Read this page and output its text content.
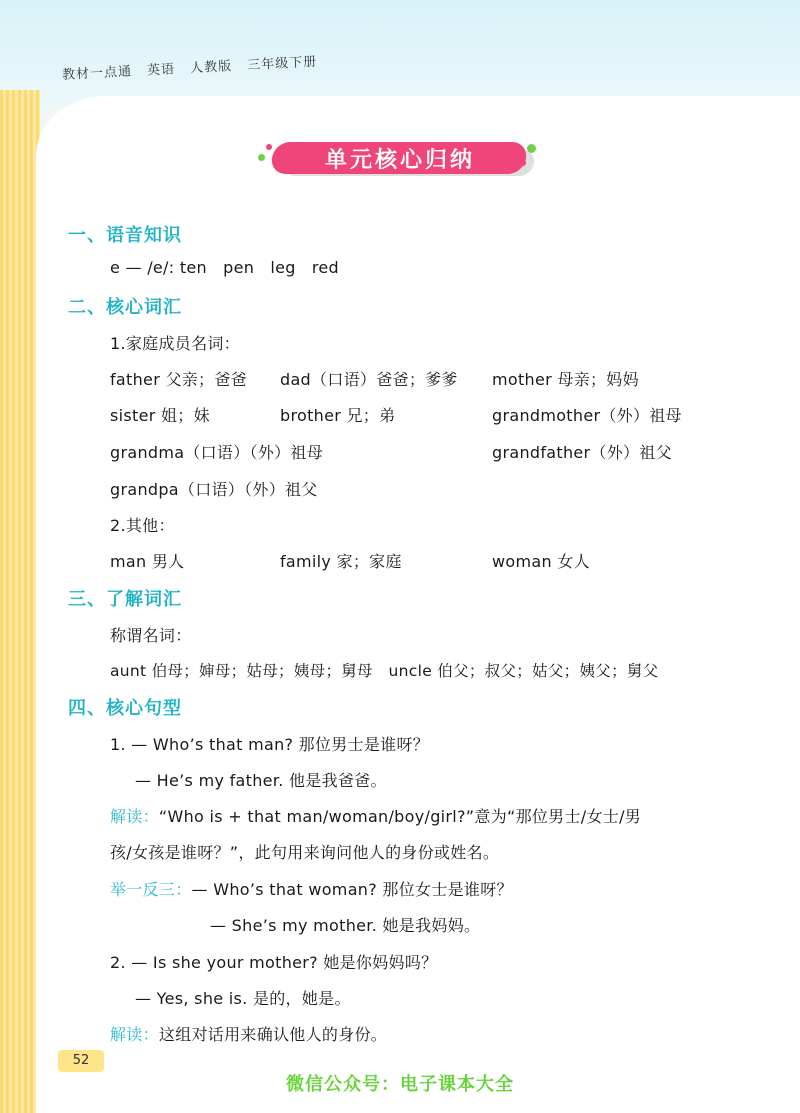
教材一点通 英语 人教版 三年级下册
单元核心归纳
一、语音知识
e — /e/: ten   pen   leg   red
二、核心词汇
1.家庭成员名词：
father 父亲；爸爸 dad（口语）爸爸；爹爹 mother 母亲；妈妈
sister 姐；妹	brother 兄；弟	grandmother（外）祖母
grandma（口语）（外）祖母	grandfather（外）祖父
grandpa（口语）（外）祖父
2.其他：
man 男人	family 家；家庭	woman 女人
三、了解词汇
称谓名词：
aunt 伯母；婶母；姑母；姨母；舅母   uncle 伯父；叔父；姑父；姨父；舅父
四、核心句型
1. — Who’s that man? 那位男士是谁呀？
— He’s my father. 他是我爸爸。
解读：“Who is + that man/woman/boy/girl?”意为“那位男士/女士/男
孩/女孩是谁呀？”，此句用来询问他人的身份或姓名。
举一反三：— Who’s that woman? 那位女士是谁呀？
— She’s my mother. 她是我妈妈。
2. — Is she your mother? 她是你妈妈吗？
— Yes, she is. 是的，她是。
解读：这组对话用来确认他人的身份。
52
微信公众号：电子课本大全
